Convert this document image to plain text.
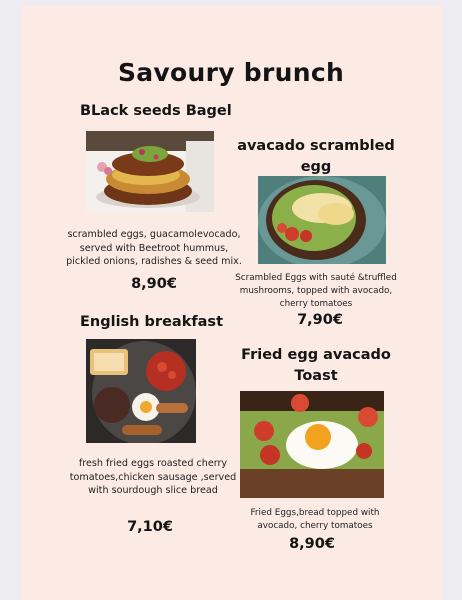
Savoury brunch
BLack seeds Bagel
scrambled eggs, guacamolevocado, served with Beetroot hummus, pickled onions, radishes & seed mix.
8,90€
avacado scrambled egg
Scrambled Eggs with sauté &truffled mushrooms, topped with avocado, cherry tomatoes
7,90€
English breakfast
fresh fried eggs roasted cherry tomatoes,chicken sausage ,served with sourdough slice bread
7,10€
Fried egg avacado
Toast
Fried Eggs,bread topped with avocado, cherry tomatoes
8,90€
